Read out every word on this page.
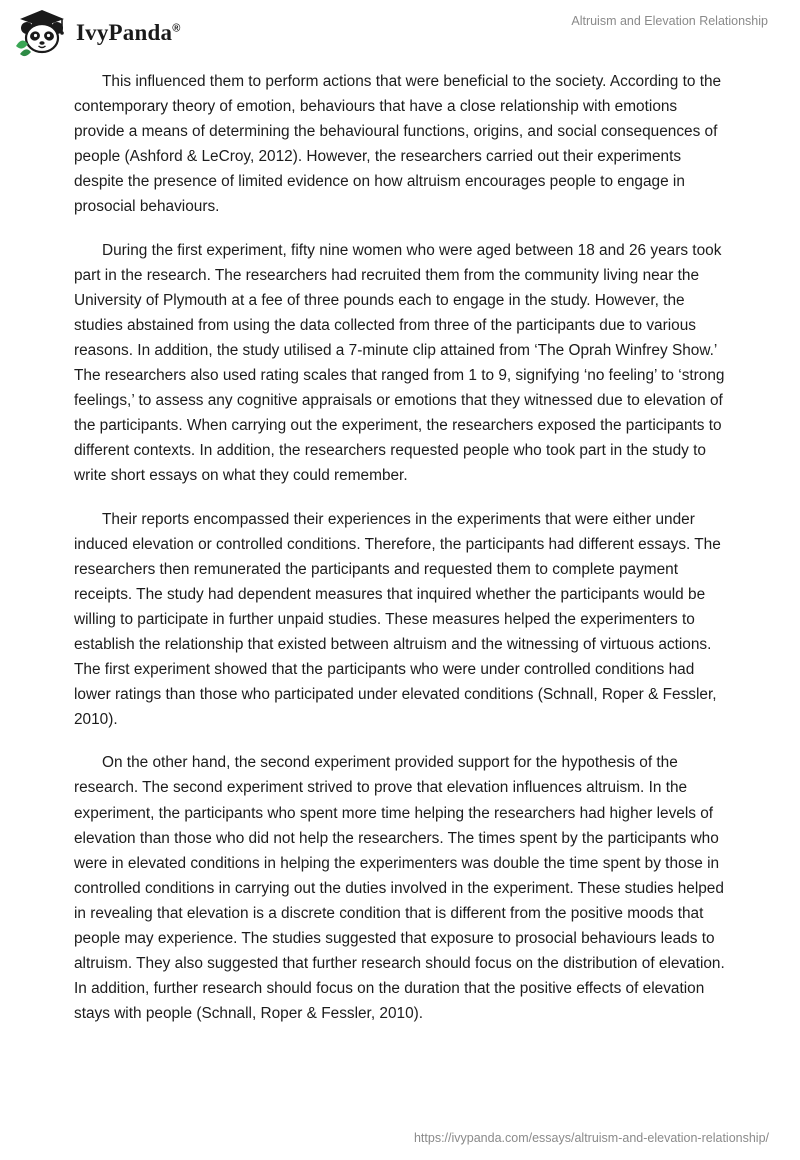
IvyPanda®
Altruism and Elevation Relationship

This influenced them to perform actions that were beneficial to the society. According to the contemporary theory of emotion, behaviours that have a close relationship with emotions provide a means of determining the behavioural functions, origins, and social consequences of people (Ashford & LeCroy, 2012). However, the researchers carried out their experiments despite the presence of limited evidence on how altruism encourages people to engage in prosocial behaviours.

During the first experiment, fifty nine women who were aged between 18 and 26 years took part in the research. The researchers had recruited them from the community living near the University of Plymouth at a fee of three pounds each to engage in the study. However, the studies abstained from using the data collected from three of the participants due to various reasons. In addition, the study utilised a 7-minute clip attained from ‘The Oprah Winfrey Show.’ The researchers also used rating scales that ranged from 1 to 9, signifying ‘no feeling’ to ‘strong feelings,’ to assess any cognitive appraisals or emotions that they witnessed due to elevation of the participants. When carrying out the experiment, the researchers exposed the participants to different contexts. In addition, the researchers requested people who took part in the study to write short essays on what they could remember.

Their reports encompassed their experiences in the experiments that were either under induced elevation or controlled conditions. Therefore, the participants had different essays. The researchers then remunerated the participants and requested them to complete payment receipts. The study had dependent measures that inquired whether the participants would be willing to participate in further unpaid studies. These measures helped the experimenters to establish the relationship that existed between altruism and the witnessing of virtuous actions. The first experiment showed that the participants who were under controlled conditions had lower ratings than those who participated under elevated conditions (Schnall, Roper & Fessler, 2010).

On the other hand, the second experiment provided support for the hypothesis of the research. The second experiment strived to prove that elevation influences altruism. In the experiment, the participants who spent more time helping the researchers had higher levels of elevation than those who did not help the researchers. The times spent by the participants who were in elevated conditions in helping the experimenters was double the time spent by those in controlled conditions in carrying out the duties involved in the experiment. These studies helped in revealing that elevation is a discrete condition that is different from the positive moods that people may experience. The studies suggested that exposure to prosocial behaviours leads to altruism. They also suggested that further research should focus on the distribution of elevation. In addition, further research should focus on the duration that the positive effects of elevation stays with people (Schnall, Roper & Fessler, 2010).

https://ivypanda.com/essays/altruism-and-elevation-relationship/
